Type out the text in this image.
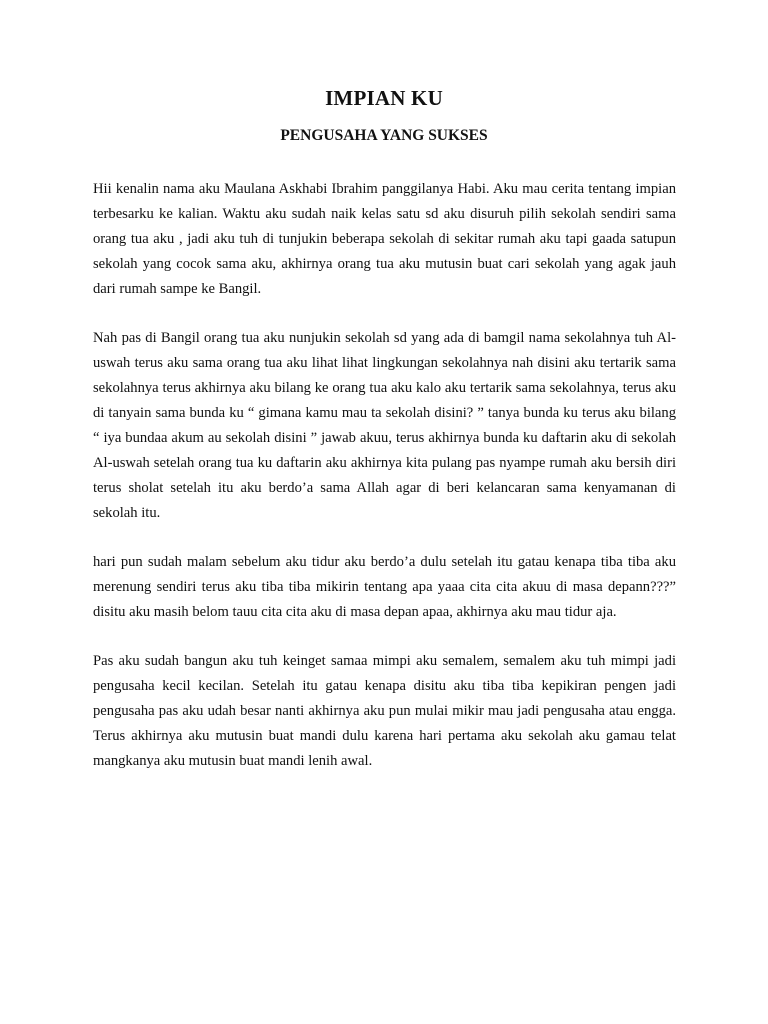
IMPIAN KU
PENGUSAHA YANG SUKSES

Hii kenalin nama aku Maulana Askhabi Ibrahim panggilanya Habi. Aku mau cerita tentang impian terbesarku ke kalian. Waktu aku sudah naik kelas satu sd aku disuruh pilih sekolah sendiri sama orang tua aku , jadi aku tuh di tunjukin beberapa sekolah di sekitar rumah aku tapi gaada satupun sekolah yang cocok sama aku, akhirnya orang tua aku mutusin buat cari sekolah yang agak jauh dari rumah sampe ke Bangil.

Nah pas di Bangil orang tua aku nunjukin sekolah sd yang ada di bamgil nama sekolahnya tuh Al-uswah terus aku sama orang tua aku lihat lihat lingkungan sekolahnya nah disini aku tertarik sama sekolahnya terus akhirnya aku bilang ke orang tua aku kalo aku tertarik sama sekolahnya, terus aku di tanyain sama bunda ku “ gimana kamu mau ta sekolah disini? ” tanya bunda ku terus aku bilang “ iya bundaa akum au sekolah disini ” jawab akuu, terus akhirnya bunda ku daftarin aku di sekolah Al-uswah setelah orang tua ku daftarin aku akhirnya kita pulang pas nyampe rumah aku bersih diri terus sholat setelah itu aku berdo’a sama Allah agar di beri kelancaran sama kenyamanan di sekolah itu.

hari pun sudah malam sebelum aku tidur aku berdo’a dulu setelah itu gatau kenapa tiba tiba aku merenung sendiri terus aku tiba tiba mikirin tentang apa yaaa cita cita akuu di masa depann???” disitu aku masih belom tauu cita cita aku di masa depan apaa, akhirnya aku mau tidur aja.

Pas aku sudah bangun aku tuh keinget samaa mimpi aku semalem, semalem aku tuh mimpi jadi pengusaha kecil kecilan. Setelah itu gatau kenapa disitu aku tiba tiba kepikiran pengen jadi pengusaha pas aku udah besar nanti akhirnya aku pun mulai mikir mau jadi pengusaha atau engga. Terus akhirnya aku mutusin buat mandi dulu karena hari pertama aku sekolah aku gamau telat mangkanya aku mutusin buat mandi lenih awal.
